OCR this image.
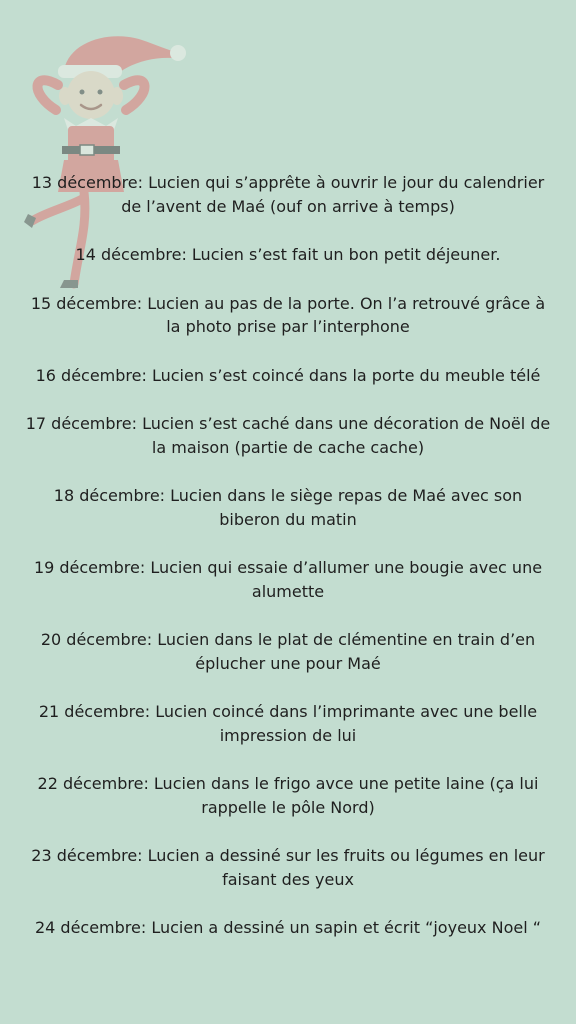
13 décembre: Lucien qui s’apprête à ouvrir le jour du calendrier de l’avent de Maé (ouf on arrive à temps)
14 décembre: Lucien s’est fait un bon petit déjeuner.
15 décembre: Lucien au pas de la porte. On l’a retrouvé grâce à la photo prise par l’interphone
16 décembre: Lucien s’est coincé dans la porte du meuble télé
17 décembre: Lucien s’est caché dans une décoration de Noël de la maison (partie de cache cache)
18 décembre: Lucien dans le siège repas de Maé avec son biberon du matin
19 décembre: Lucien qui essaie d’allumer une bougie avec une alumette
20 décembre: Lucien dans le plat de clémentine en train d’en éplucher une pour Maé
21 décembre: Lucien coincé dans l’imprimante avec une belle impression de lui
22 décembre: Lucien dans le frigo avce une petite laine (ça lui rappelle le pôle Nord)
23 décembre: Lucien a dessiné sur les fruits ou légumes en leur faisant des yeux
24 décembre: Lucien a dessiné un sapin et écrit “joyeux Noel “
